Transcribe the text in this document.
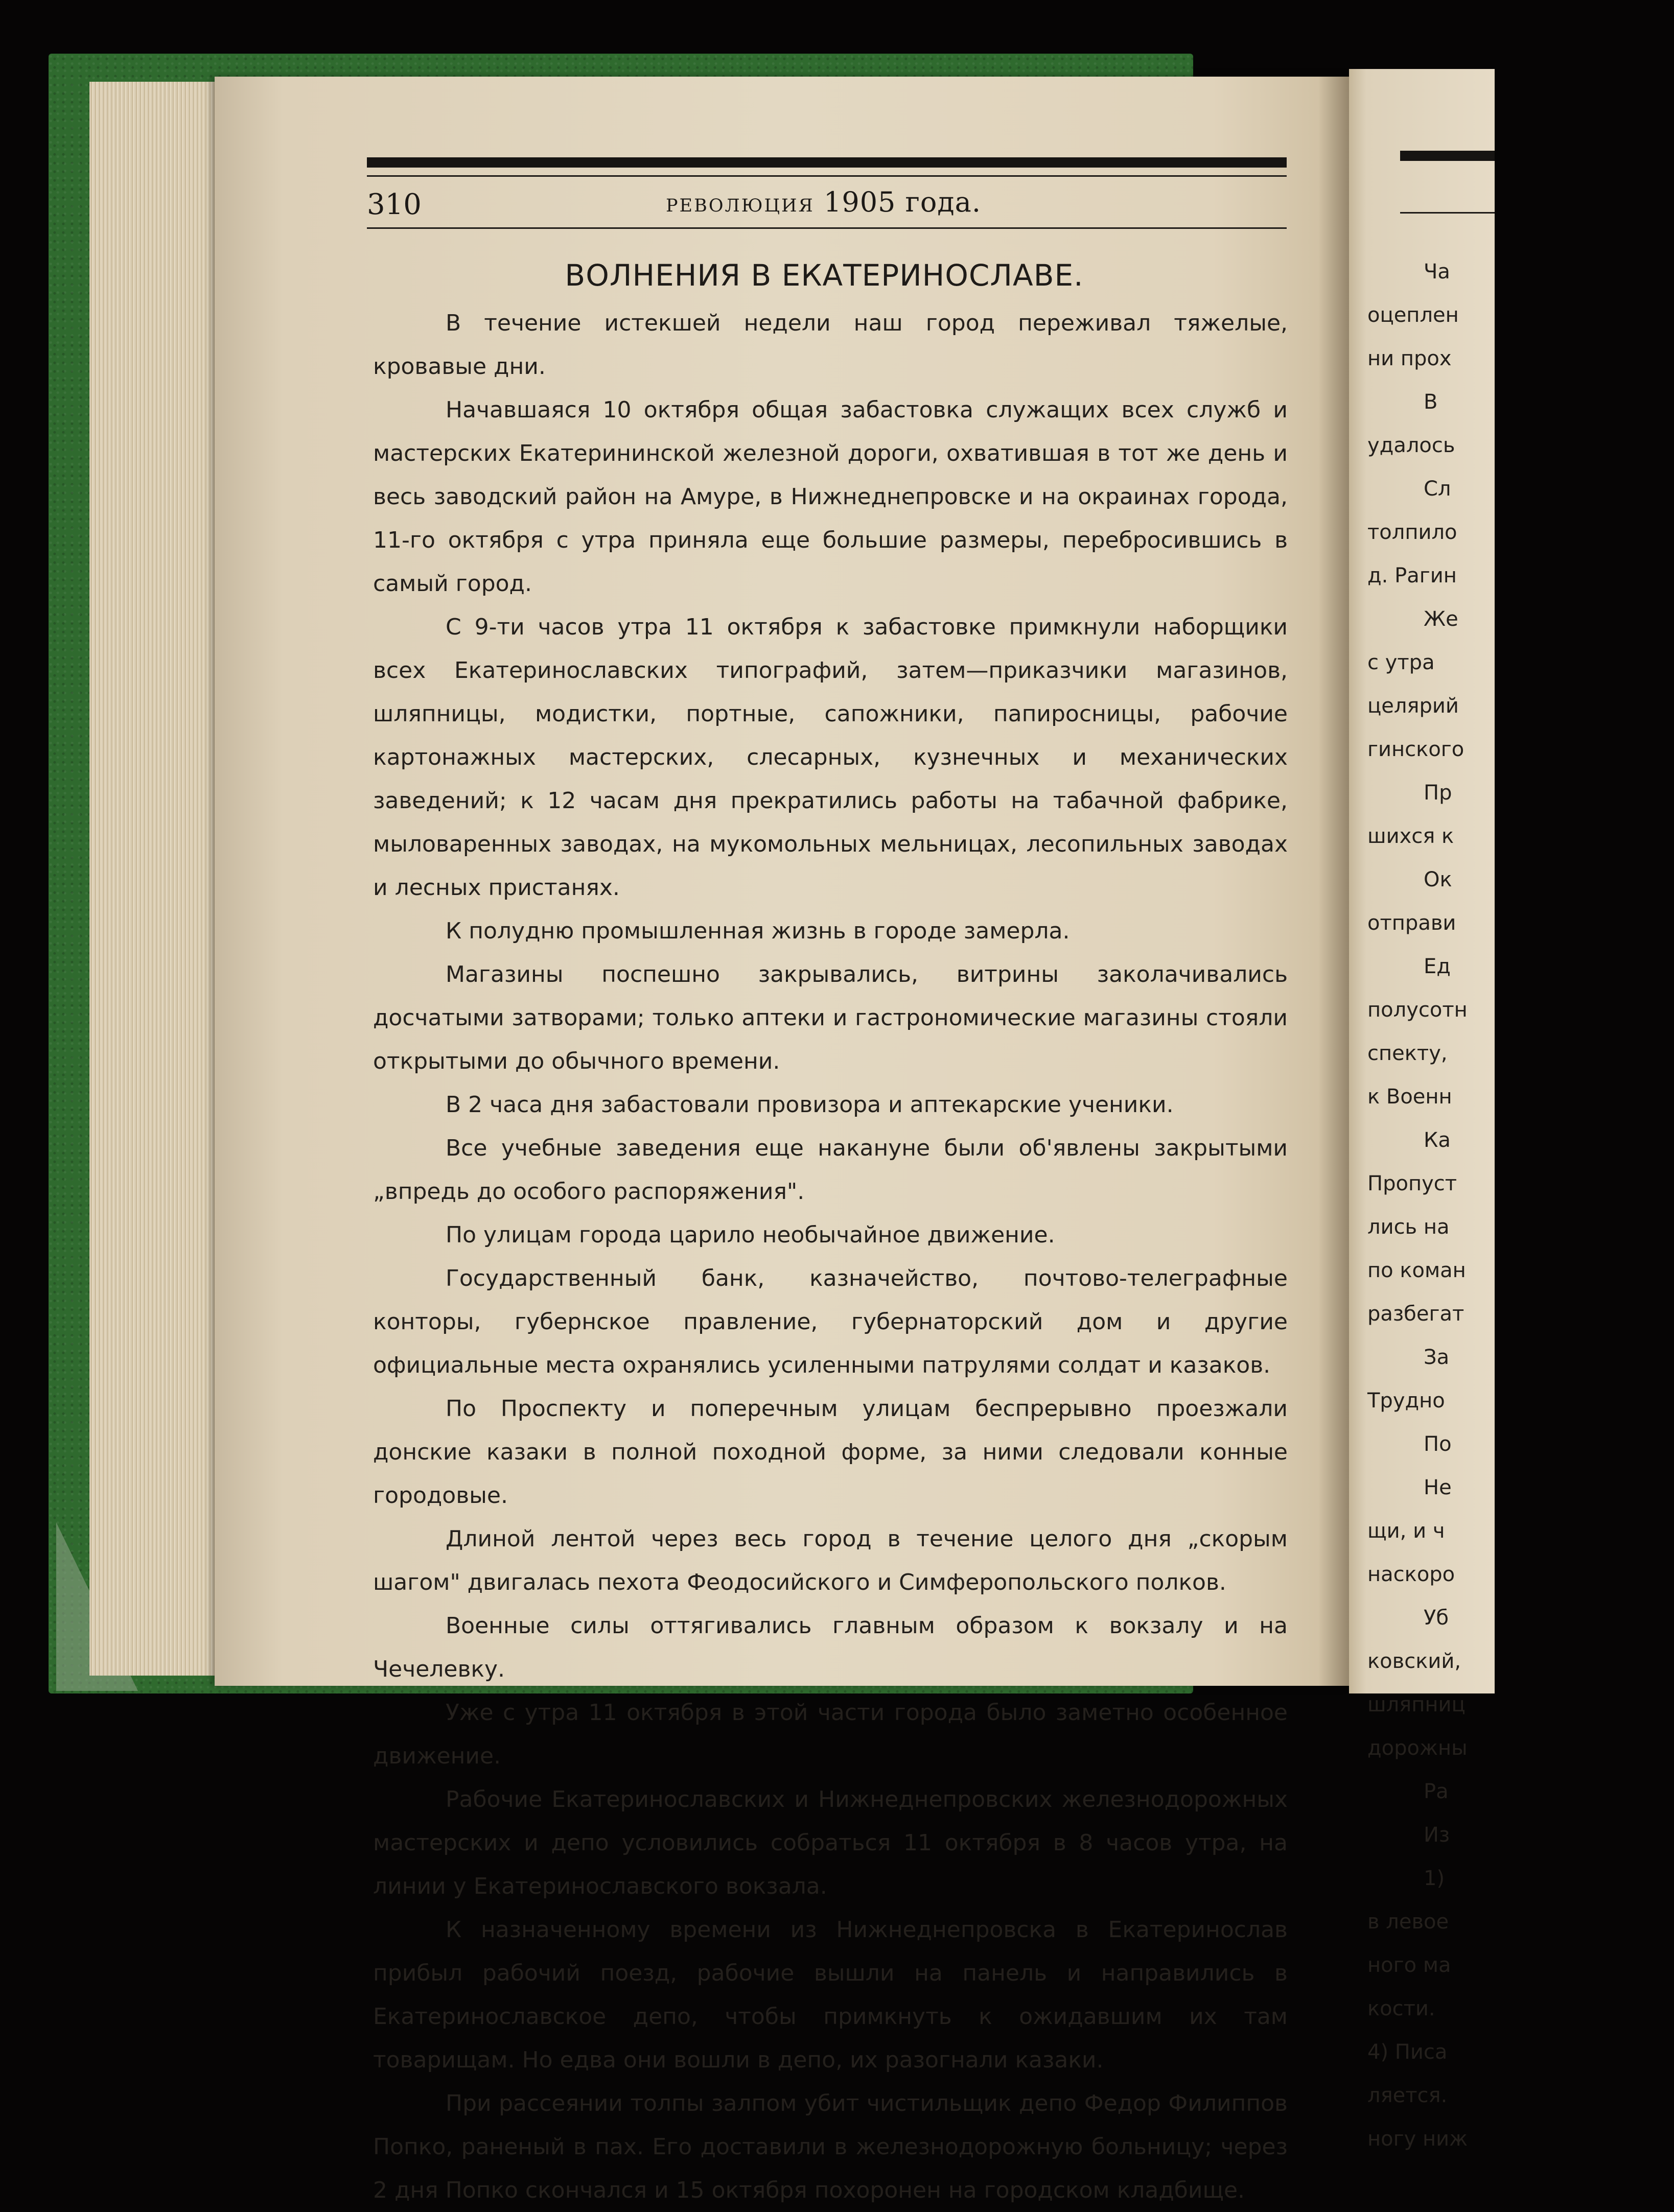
310	революция 1905 года.
ВОЛНЕНИЯ В ЕКАТЕРИНОСЛАВЕ.

В течение истекшей недели наш город переживал тяжелые, кровавые дни.

Начавшаяся 10 октября общая забастовка служащих всех служб и мастерских Екатерининской железной дороги, охватившая в тот же день и весь заводский район на Амуре, в Нижнеднепровске и на окраинах города, 11-го октября с утра приняла еще большие размеры, перебросившись в самый город.

С 9-ти часов утра 11 октября к забастовке примкнули наборщики всех Екатеринославских типографий, затем—приказчики магазинов, шляпницы, модистки, портные, сапожники, папиросницы, рабочие картонажных мастерских, слесарных, кузнечных и механических заведений; к 12 часам дня прекратились работы на табачной фабрике, мыловаренных заводах, на мукомольных мельницах, лесопильных заводах и лесных пристанях.

К полудню промышленная жизнь в городе замерла.

Магазины поспешно закрывались, витрины заколачивались досчатыми затворами; только аптеки и гастрономические магазины стояли открытыми до обычного времени.

В 2 часа дня забастовали провизора и аптекарские ученики.

Все учебные заведения еще накануне были об'явлены закрытыми „впредь до особого распоряжения".

По улицам города царило необычайное движение.

Государственный банк, казначейство, почтово-телеграфные конторы, губернское правление, губернаторский дом и другие официальные места охранялись усиленными патрулями солдат и казаков.

По Проспекту и поперечным улицам беспрерывно проезжали донские казаки в полной походной форме, за ними следовали конные городовые.

Длиной лентой через весь город в течение целого дня „скорым шагом" двигалась пехота Феодосийского и Симферопольского полков.

Военные силы оттягивались главным образом к вокзалу и на Чечелевку.

Уже с утра 11 октября в этой части города было заметно особенное движение.

Рабочие Екатеринославских и Нижнеднепровских железнодорожных мастерских и депо условились собраться 11 октября в 8 часов утра, на линии у Екатеринославского вокзала.

К назначенному времени из Нижнеднепровска в Екатеринослав прибыл рабочий поезд, рабочие вышли на панель и направились в Екатеринославское депо, чтобы примкнуть к ожидавшим их там товарищам. Но едва они вошли в депо, их разогнали казаки.

При рассеянии толпы залпом убит чистильщик депо Федор Филиппов Попко, раненый в пах. Его доставили в железнодорожную больницу; через 2 дня Попко скончался и 15 октября похоронен на городском кладбище.

Ча
оцеплен
ни прох
В
удалось
Сл
толпило
д. Рагин
Же
с утра
целярий
гинского
Пр
шихся к
Ок
отправи
Ед
полусотн
спекту,
к Военн
Ка
Пропуст
лись на
по коман
разбегат
За
Трудно
По
Не
щи, и ч
наскоро
Уб
ковский,
шляпниц
дорожны
Ра
Из
1)
в левое
ного ма
кости.
4) Писа
ляется.
ногу ниж
